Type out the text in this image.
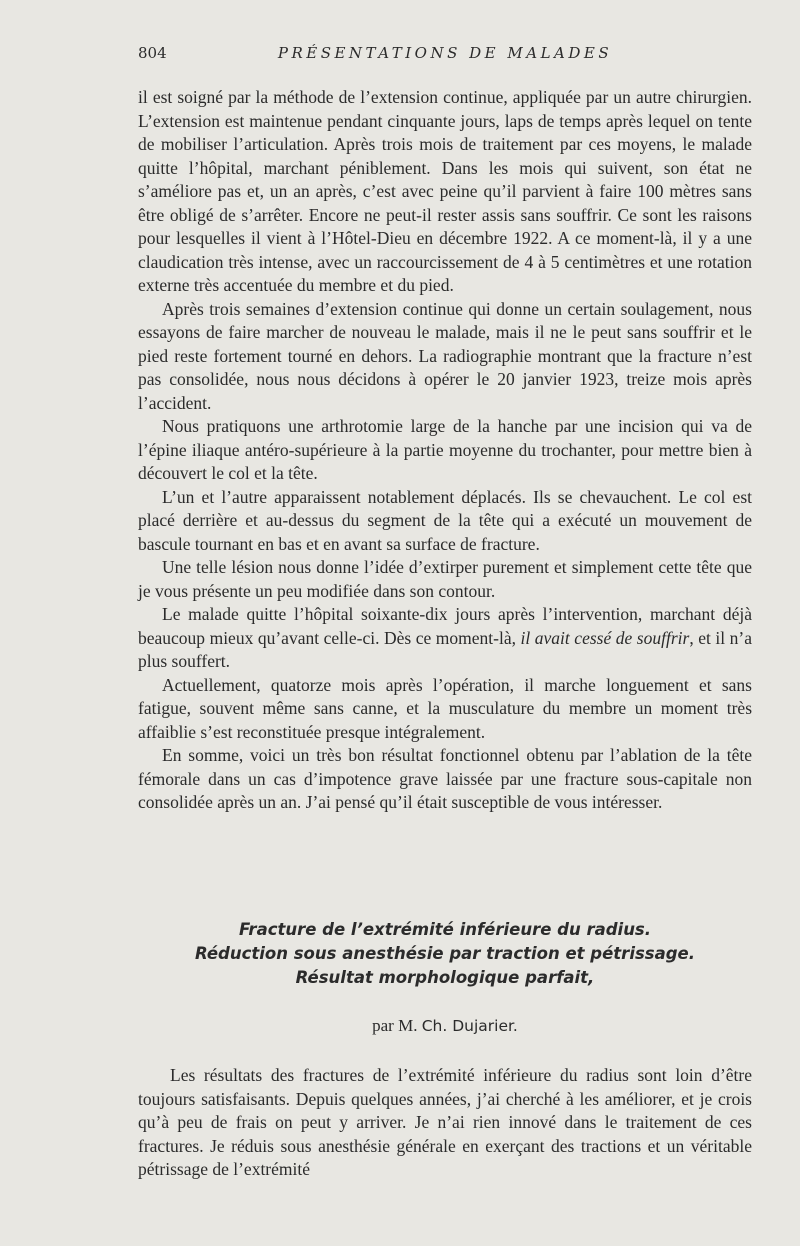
804	PRÉSENTATIONS DE MALADES

il est soigné par la méthode de l’extension continue, appliquée par un autre chirurgien. L’extension est maintenue pendant cinquante jours, laps de temps après lequel on tente de mobiliser l’articulation. Après trois mois de traitement par ces moyens, le malade quitte l’hôpital, marchant péniblement. Dans les mois qui suivent, son état ne s’améliore pas et, un an après, c’est avec peine qu’il parvient à faire 100 mètres sans être obligé de s’arrêter. Encore ne peut-il rester assis sans souffrir. Ce sont les raisons pour lesquelles il vient à l’Hôtel-Dieu en décembre 1922. A ce moment-là, il y a une claudication très intense, avec un raccourcissement de 4 à 5 centimètres et une rotation externe très accentuée du membre et du pied.

Après trois semaines d’extension continue qui donne un certain soulagement, nous essayons de faire marcher de nouveau le malade, mais il ne le peut sans souffrir et le pied reste fortement tourné en dehors. La radiographie montrant que la fracture n’est pas consolidée, nous nous décidons à opérer le 20 janvier 1923, treize mois après l’accident.

Nous pratiquons une arthrotomie large de la hanche par une incision qui va de l’épine iliaque antéro-supérieure à la partie moyenne du trochanter, pour mettre bien à découvert le col et la tête.

L’un et l’autre apparaissent notablement déplacés. Ils se chevauchent. Le col est placé derrière et au-dessus du segment de la tête qui a exécuté un mouvement de bascule tournant en bas et en avant sa surface de fracture.

Une telle lésion nous donne l’idée d’extirper purement et simplement cette tête que je vous présente un peu modifiée dans son contour.

Le malade quitte l’hôpital soixante-dix jours après l’intervention, marchant déjà beaucoup mieux qu’avant celle-ci. Dès ce moment-là, il avait cessé de souffrir, et il n’a plus souffert.

Actuellement, quatorze mois après l’opération, il marche longuement et sans fatigue, souvent même sans canne, et la musculature du membre un moment très affaiblie s’est reconstituée presque intégralement.

En somme, voici un très bon résultat fonctionnel obtenu par l’ablation de la tête fémorale dans un cas d’impotence grave laissée par une fracture sous-capitale non consolidée après un an. J’ai pensé qu’il était susceptible de vous intéresser.

Fracture de l’extrémité inférieure du radius.
Réduction sous anesthésie par traction et pétrissage.
Résultat morphologique parfait,
par M. Ch. Dujarier.

Les résultats des fractures de l’extrémité inférieure du radius sont loin d’être toujours satisfaisants. Depuis quelques années, j’ai cherché à les améliorer, et je crois qu’à peu de frais on peut y arriver. Je n’ai rien innové dans le traitement de ces fractures. Je réduis sous anesthésie générale en exerçant des tractions et un véritable pétrissage de l’extrémité
